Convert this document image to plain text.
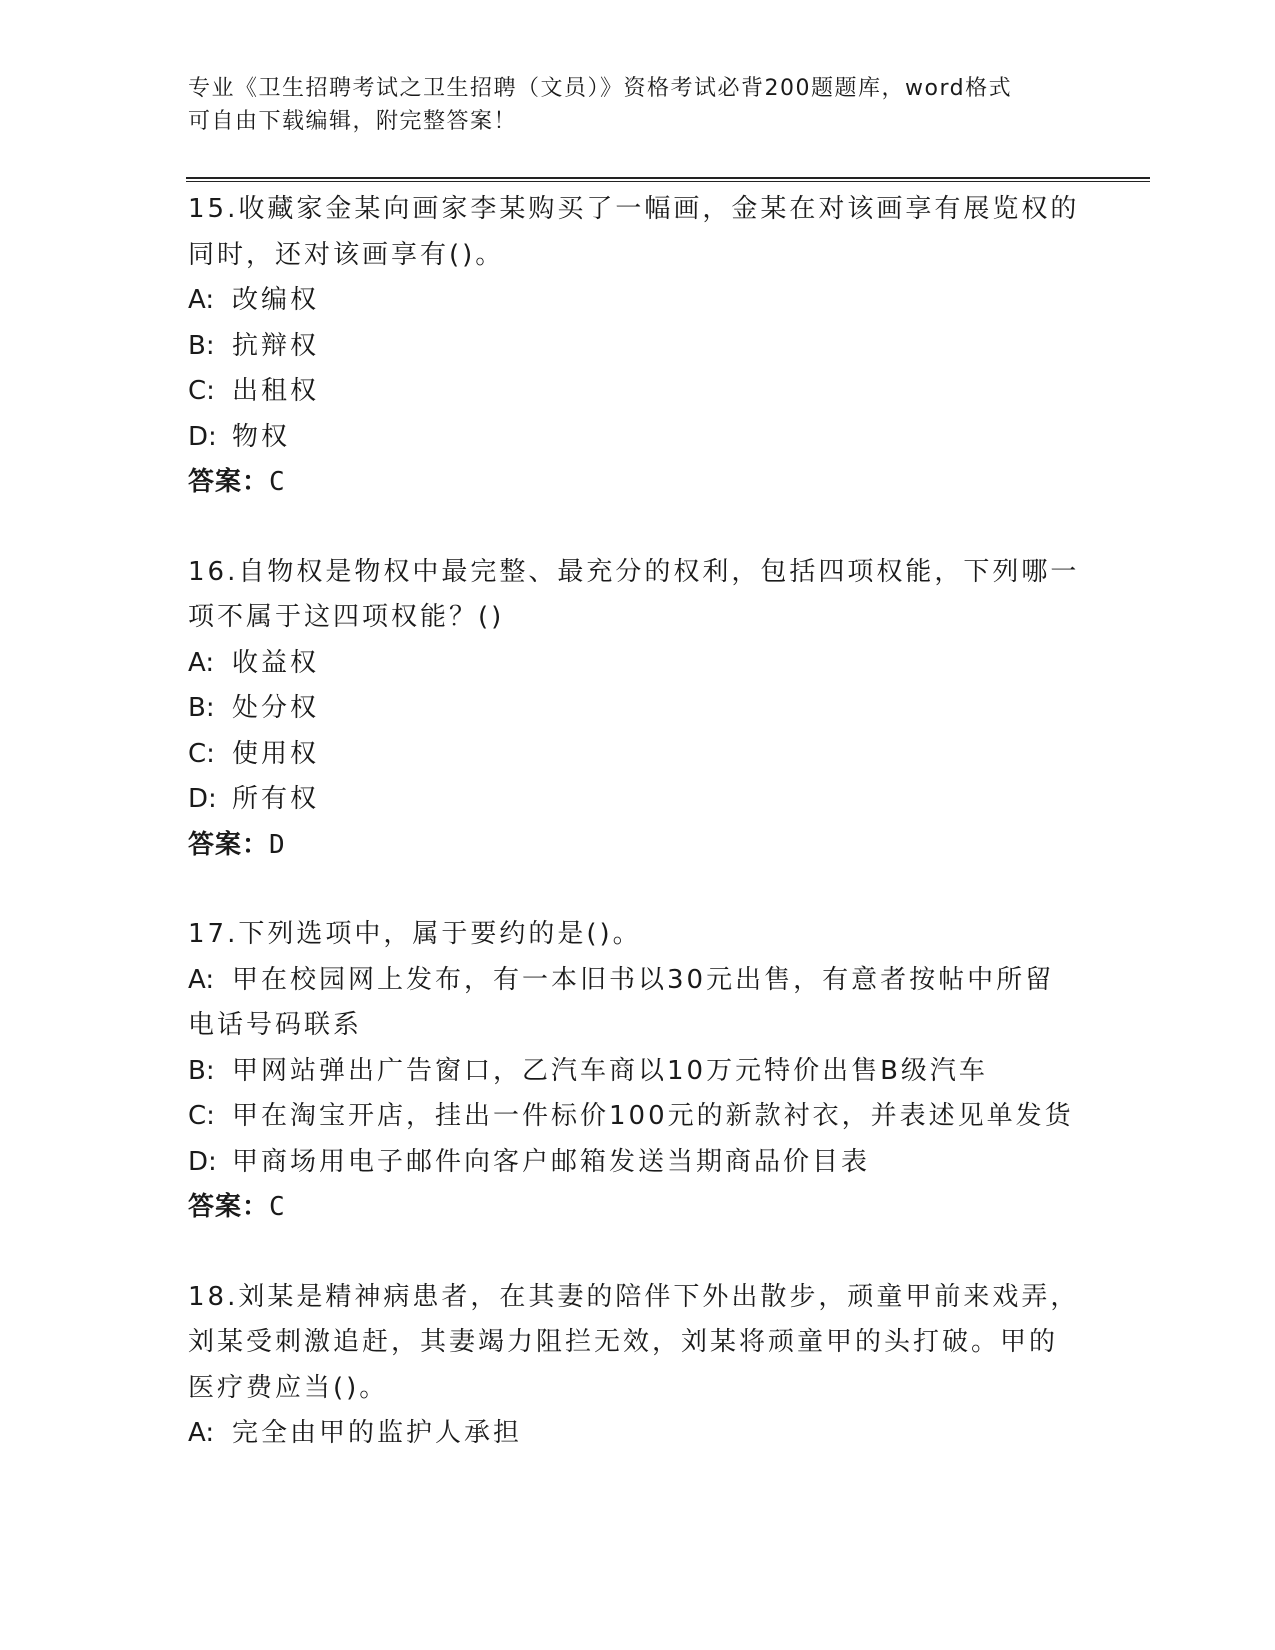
专业《卫生招聘考试之卫生招聘（文员）》资格考试必背200题题库，word格式
可自由下载编辑，附完整答案！
15.收藏家金某向画家李某购买了一幅画，金某在对该画享有展览权的
同时，还对该画享有()。
A: 改编权
B: 抗辩权
C: 出租权
D: 物权
答案：C
16.自物权是物权中最完整、最充分的权利，包括四项权能，下列哪一
项不属于这四项权能？()
A: 收益权
B: 处分权
C: 使用权
D: 所有权
答案：D
17.下列选项中，属于要约的是()。
A: 甲在校园网上发布，有一本旧书以30元出售，有意者按帖中所留
电话号码联系
B: 甲网站弹出广告窗口，乙汽车商以10万元特价出售B级汽车
C: 甲在淘宝开店，挂出一件标价100元的新款衬衣，并表述见单发货
D: 甲商场用电子邮件向客户邮箱发送当期商品价目表
答案：C
18.刘某是精神病患者，在其妻的陪伴下外出散步，顽童甲前来戏弄，
刘某受刺激追赶，其妻竭力阻拦无效，刘某将顽童甲的头打破。甲的
医疗费应当()。
A: 完全由甲的监护人承担
